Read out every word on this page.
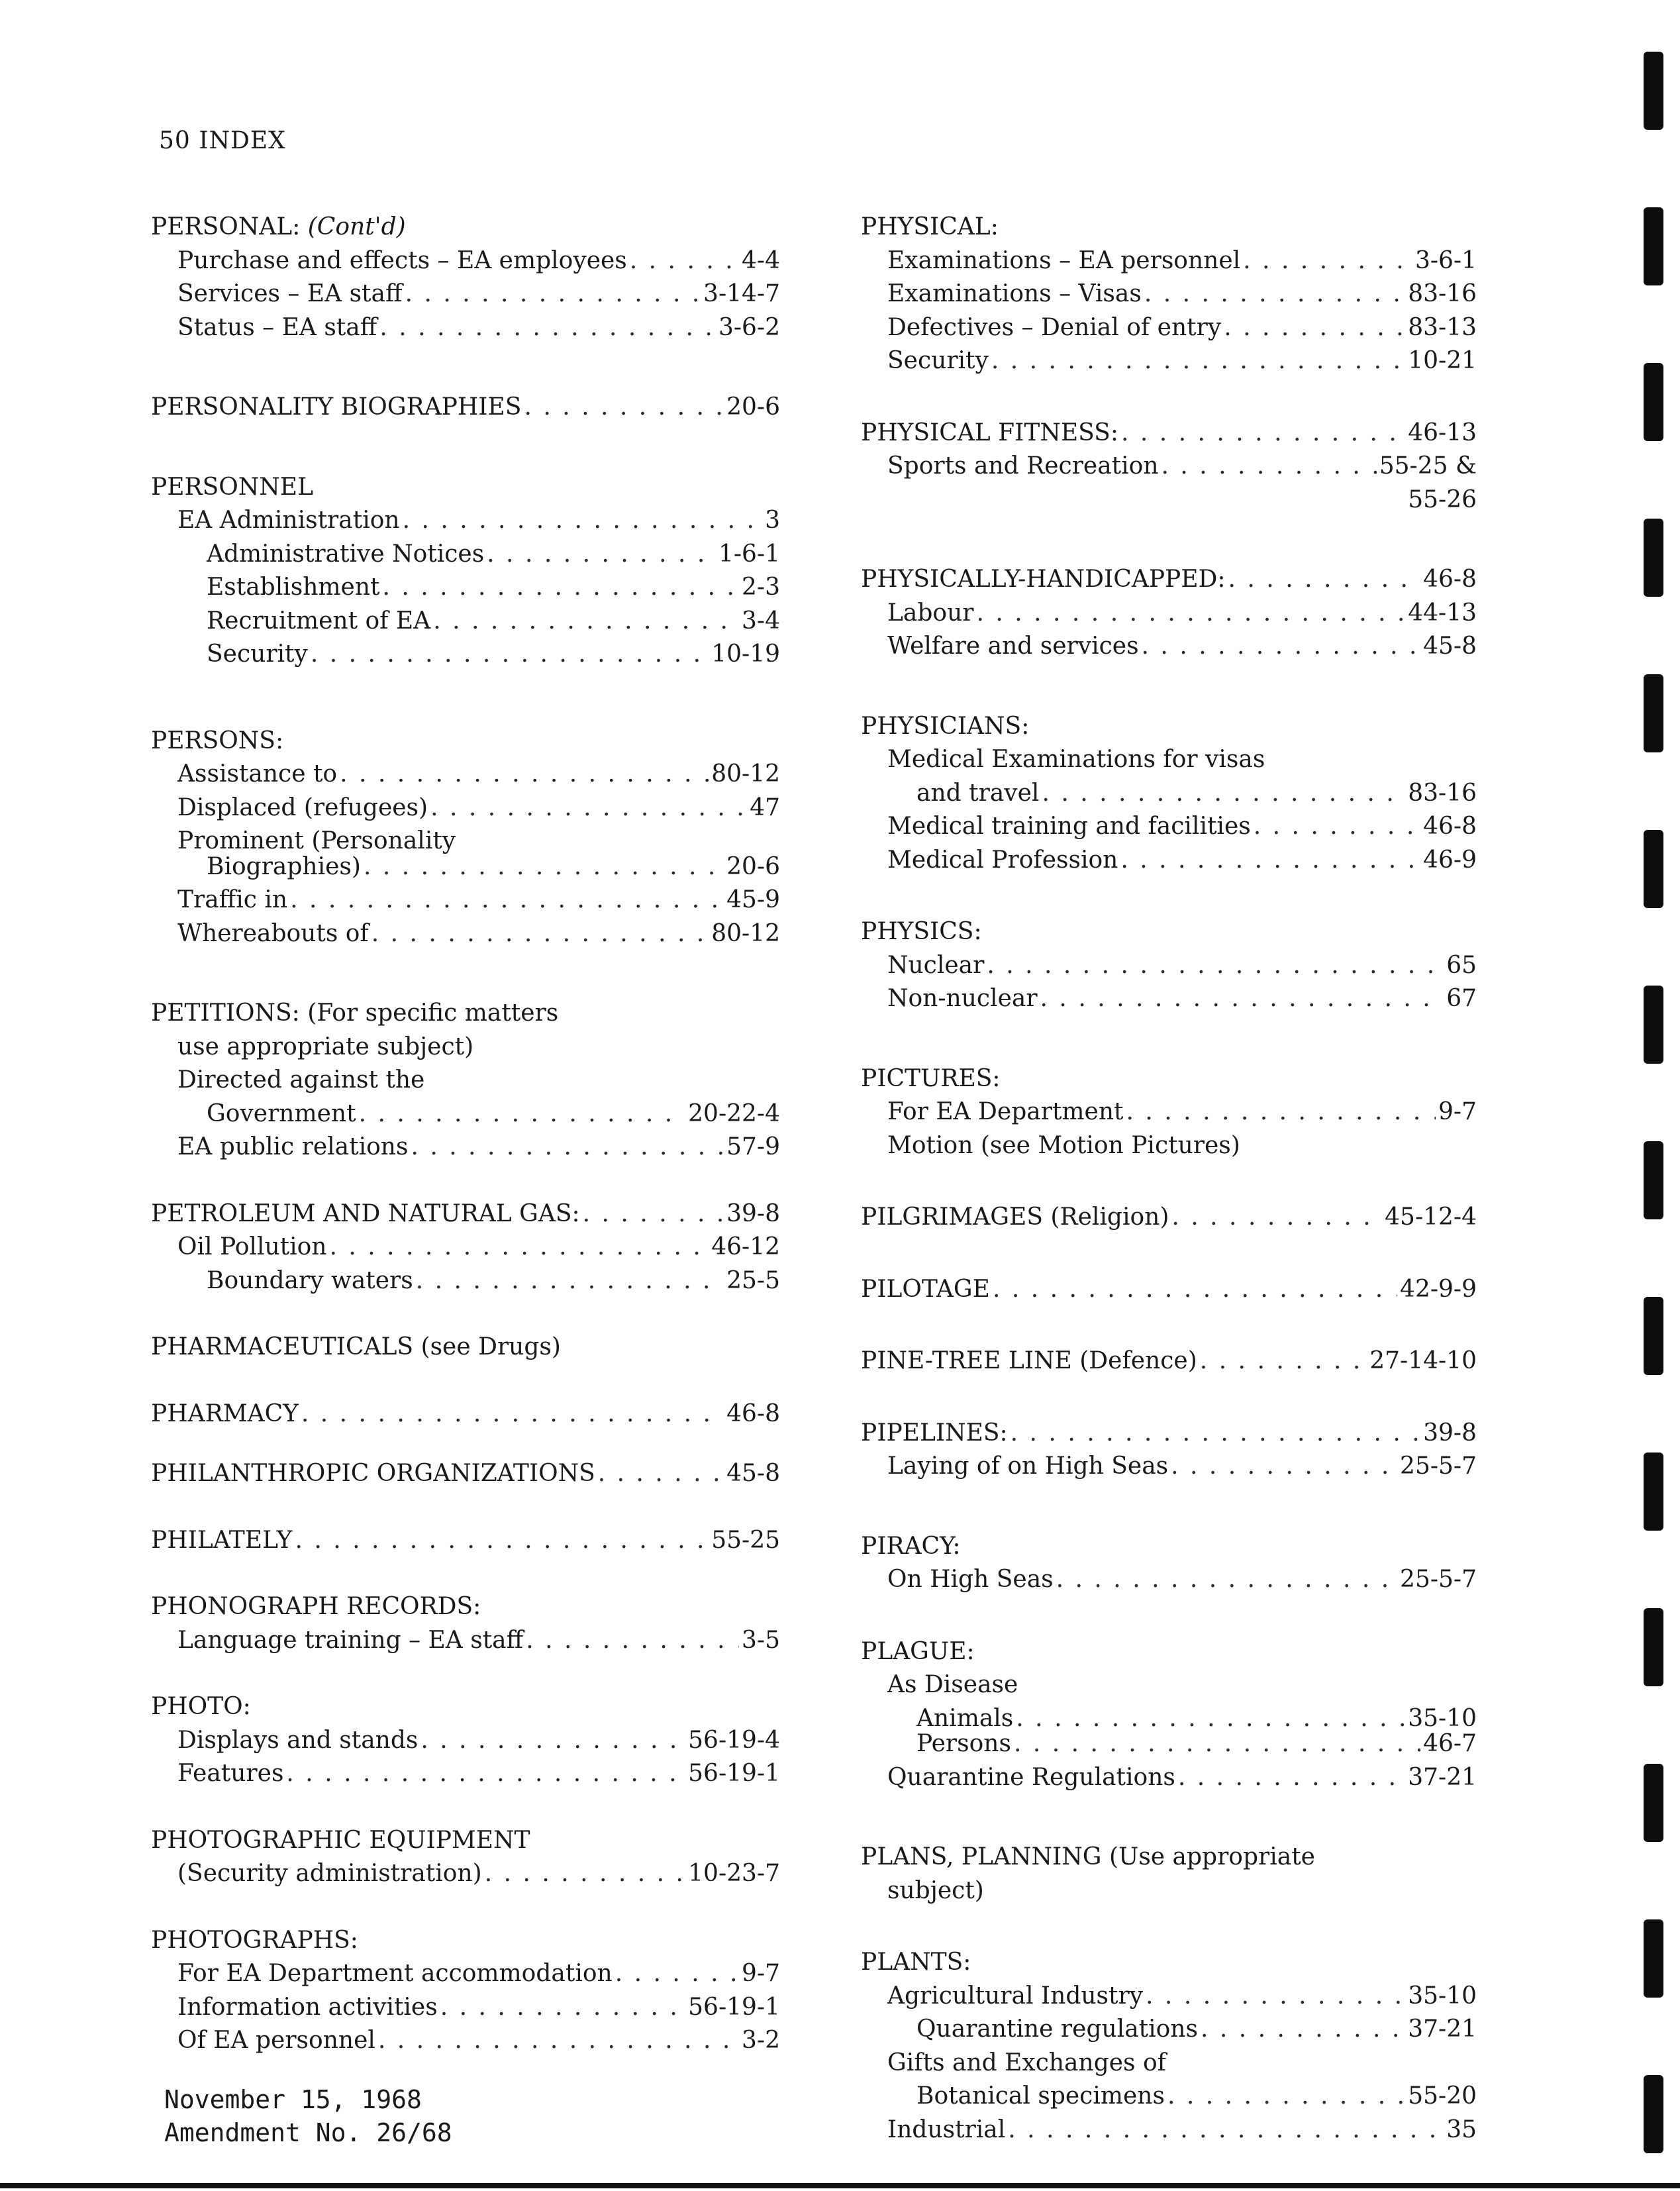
50 INDEX
PERSONAL: (Cont'd)
Purchase and effects – EA employees . . .	4-4
Services – EA staff . . .	3-14-7
Status – EA staff . . .	3-6-2
PERSONALITY BIOGRAPHIES . . .	20-6
PERSONNEL
EA Administration . . .	3
Administrative Notices . . .	1-6-1
Establishment . . .	2-3
Recruitment of EA . . .	3-4
Security . . .	10-19
PERSONS:
Assistance to . . .	80-12
Displaced (refugees) . . .	47
Prominent (Personality
Biographies) . . .	20-6
Traffic in . . .	45-9
Whereabouts of . . .	80-12
PETITIONS: (For specific matters
use appropriate subject)
Directed against the
Government . . .	20-22-4
EA public relations . . .	57-9
PETROLEUM AND NATURAL GAS: . . .	39-8
Oil Pollution . . .	46-12
Boundary waters . . .	25-5
PHARMACEUTICALS (see Drugs)
PHARMACY . . .	46-8
PHILANTHROPIC ORGANIZATIONS . . .	45-8
PHILATELY . . .	55-25
PHONOGRAPH RECORDS:
Language training – EA staff . . .	3-5
PHOTO:
Displays and stands . . .	56-19-4
Features . . .	56-19-1
PHOTOGRAPHIC EQUIPMENT
(Security administration) . . .	10-23-7
PHOTOGRAPHS:
For EA Department accommodation . . .	9-7
Information activities . . .	56-19-1
Of EA personnel . . .	3-2
PHYSICAL:
Examinations – EA personnel . . .	3-6-1
Examinations – Visas . . .	83-16
Defectives – Denial of entry . . .	83-13
Security . . .	10-21
PHYSICAL FITNESS: . . .	46-13
Sports and Recreation . . .	55-25 &
55-26
PHYSICALLY-HANDICAPPED: . . .	46-8
Labour . . .	44-13
Welfare and services . . .	45-8
PHYSICIANS:
Medical Examinations for visas
and travel . . .	83-16
Medical training and facilities . . .	46-8
Medical Profession . . .	46-9
PHYSICS:
Nuclear . . .	65
Non-nuclear . . .	67
PICTURES:
For EA Department . . .	9-7
Motion (see Motion Pictures)
PILGRIMAGES (Religion) . . .	45-12-4
PILOTAGE . . .	42-9-9
PINE-TREE LINE (Defence) . . .	27-14-10
PIPELINES: . . .	39-8
Laying of on High Seas . . .	25-5-7
PIRACY:
On High Seas . . .	25-5-7
PLAGUE:
As Disease
Animals . . .	35-10
Persons . . .	46-7
Quarantine Regulations . . .	37-21
PLANS, PLANNING (Use appropriate
subject)
PLANTS:
Agricultural Industry . . .	35-10
Quarantine regulations . . .	37-21
Gifts and Exchanges of
Botanical specimens . . .	55-20
Industrial . . .	35
November 15, 1968
Amendment No. 26/68
